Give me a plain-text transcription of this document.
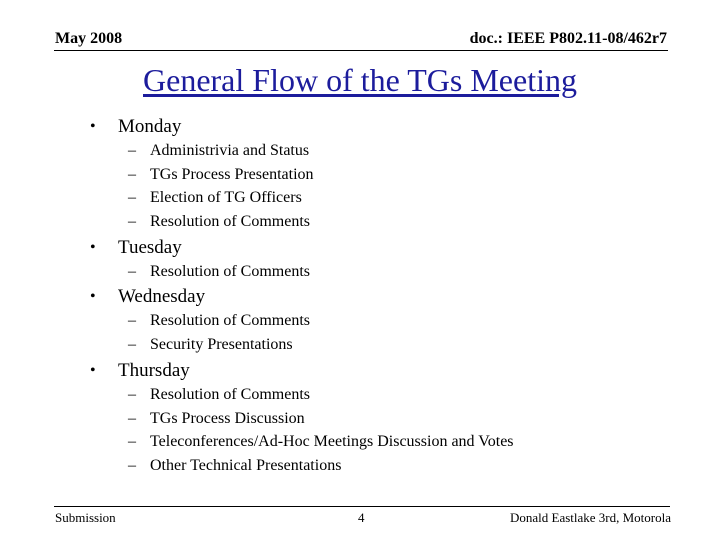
May 2008	doc.: IEEE P802.11-08/462r7
General Flow of the TGs Meeting
• Monday
– Administrivia and Status
– TGs Process Presentation
– Election of TG Officers
– Resolution of Comments
• Tuesday
– Resolution of Comments
• Wednesday
– Resolution of Comments
– Security Presentations
• Thursday
– Resolution of Comments
– TGs Process Discussion
– Teleconferences/Ad-Hoc Meetings Discussion and Votes
– Other Technical Presentations
Submission	4	Donald Eastlake 3rd, Motorola
